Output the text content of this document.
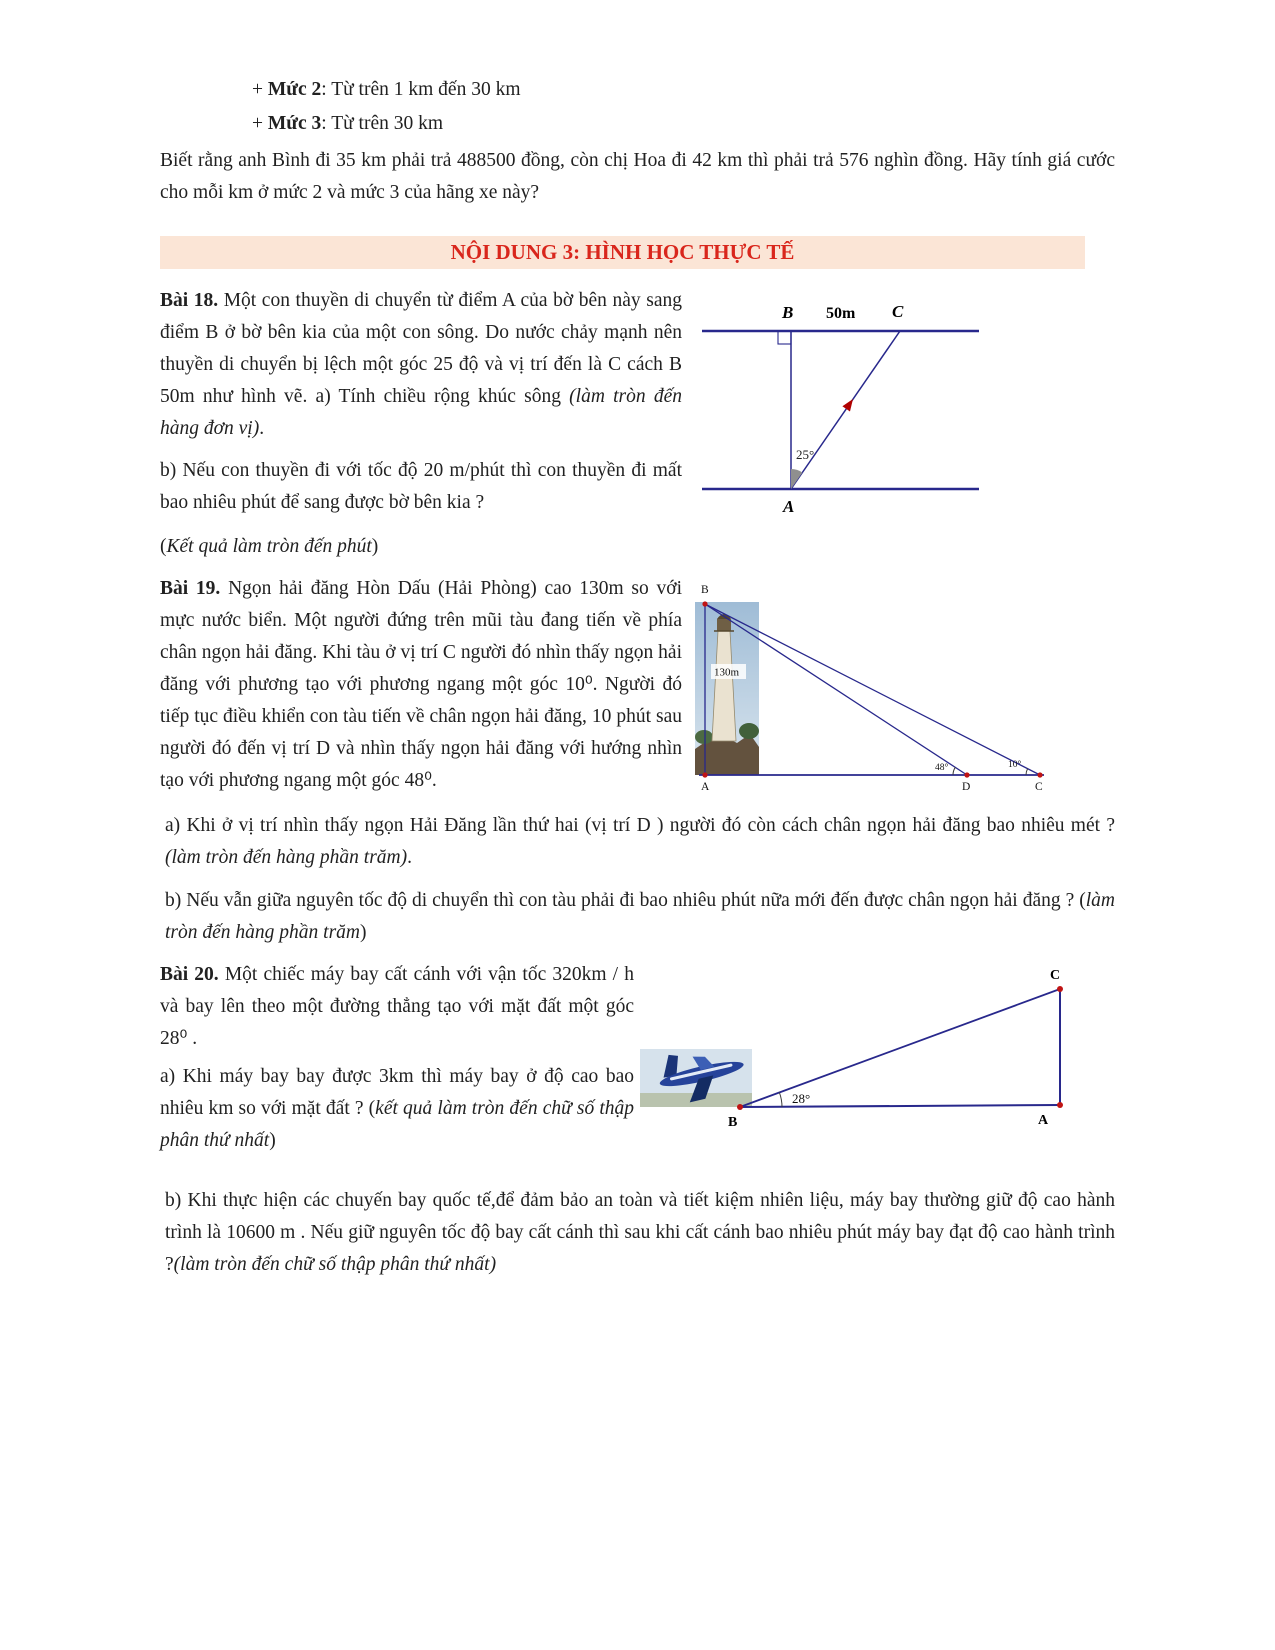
+ Mức 2: Từ trên 1 km đến 30 km

+ Mức 3: Từ trên 30 km

Biết rằng anh Bình đi 35 km phải trả 488500 đồng, còn chị Hoa đi 42 km thì phải trả 576 nghìn đồng. Hãy tính giá cước cho mỗi km ở mức 2 và mức 3 của hãng xe này?

NỘI DUNG 3: HÌNH HỌC THỰC TẾ

Bài 18. Một con thuyền di chuyển từ điểm A của bờ bên này sang điểm B ở bờ bên kia của một con sông. Do nước chảy mạnh nên thuyền di chuyển bị lệch một góc 25 độ và vị trí đến là C cách B 50m như hình vẽ. a) Tính chiều rộng khúc sông (làm tròn đến hàng đơn vị).

b) Nếu con thuyền đi với tốc độ 20 m/phút thì con thuyền đi mất bao nhiêu phút để sang được bờ bên kia ?

(Kết quả làm tròn đến phút)

B 50m C
25°
A

Bài 19. Ngọn hải đăng Hòn Dấu (Hải Phòng) cao 130m so với mực nước biển. Một người đứng trên mũi tàu đang tiến về phía chân ngọn hải đăng. Khi tàu ở vị trí C người đó nhìn thấy ngọn hải đăng với phương tạo với phương ngang một góc 10⁰. Người đó tiếp tục điều khiển con tàu tiến về chân ngọn hải đăng, 10 phút sau người đó đến vị trí D và nhìn thấy ngọn hải đăng với hướng nhìn tạo với phương ngang một góc 48⁰.

B
130m
48°	10°
A	D	C

a) Khi ở vị trí nhìn thấy ngọn Hải Đăng lần thứ hai (vị trí D ) người đó còn cách chân ngọn hải đăng bao nhiêu mét ? (làm tròn đến hàng phần trăm).

b) Nếu vẫn giữa nguyên tốc độ di chuyển thì con tàu phải đi bao nhiêu phút nữa mới đến được chân ngọn hải đăng ? (làm tròn đến hàng phần trăm)

Bài 20. Một chiếc máy bay cất cánh với vận tốc 320km / h và bay lên theo một đường thẳng tạo với mặt đất một góc 28⁰ .

a) Khi máy bay bay được 3km thì máy bay ở độ cao bao nhiêu km so với mặt đất ? (kết quả làm tròn đến chữ số thập phân thứ nhất)

28°
C
B	A

b) Khi thực hiện các chuyến bay quốc tế,để đảm bảo an toàn và tiết kiệm nhiên liệu, máy bay thường giữ độ cao hành trình là 10600 m . Nếu giữ nguyên tốc độ bay cất cánh thì sau khi cất cánh bao nhiêu phút máy bay đạt độ cao hành trình ?(làm tròn đến chữ số thập phân thứ nhất)
